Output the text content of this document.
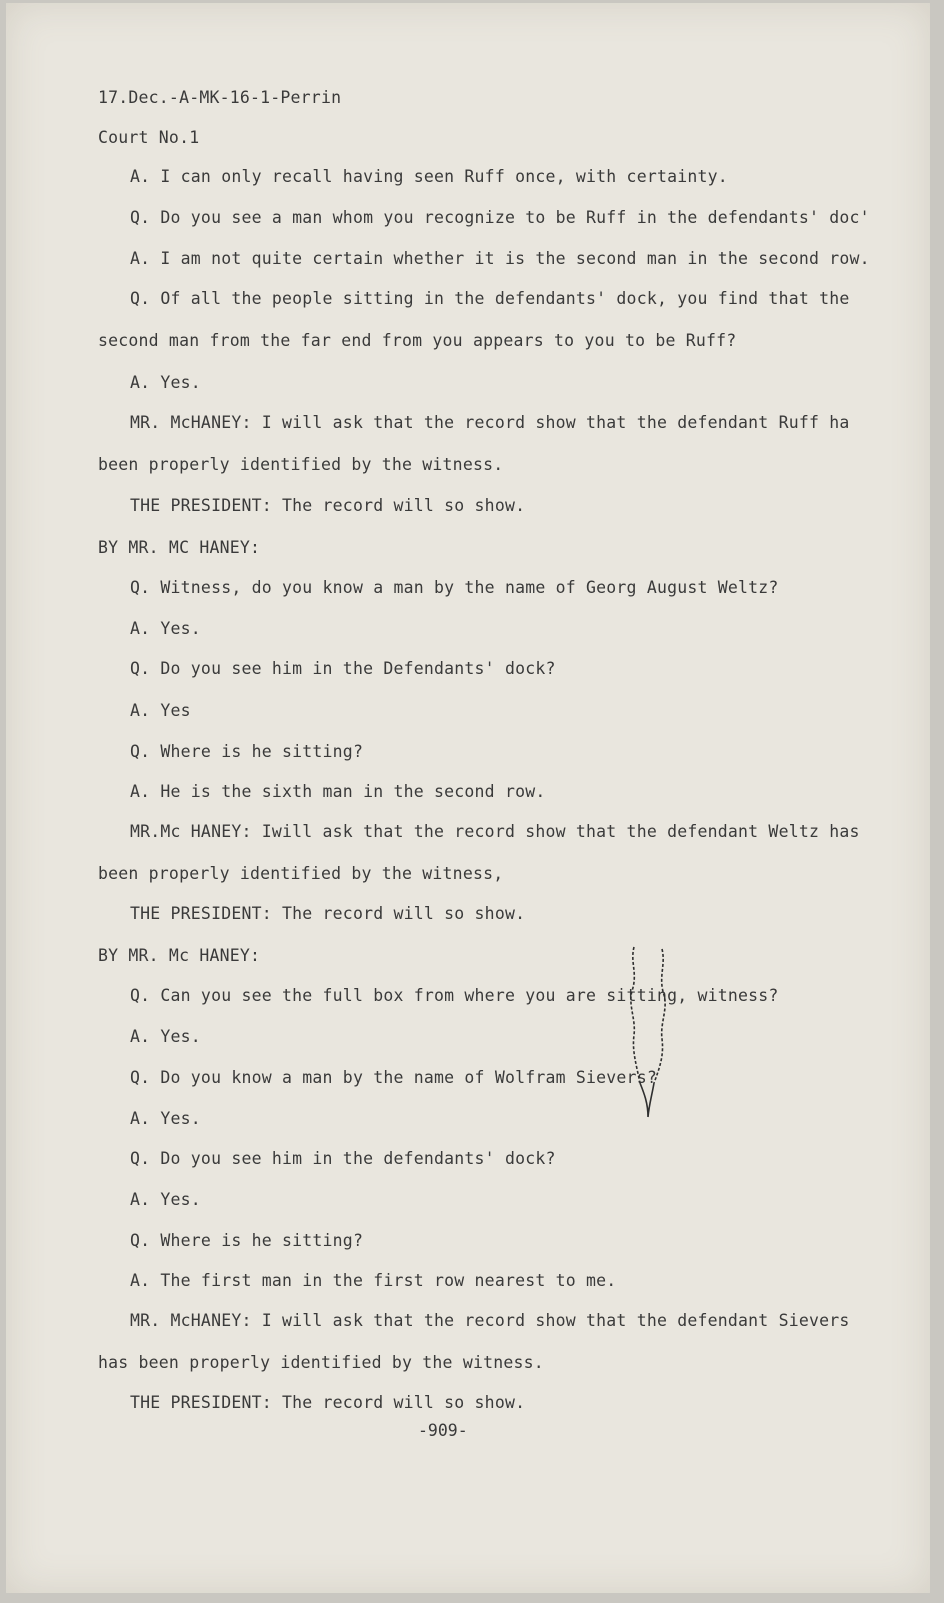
17.Dec.-A-MK-16-1-Perrin
Court No.1
A. I can only recall having seen Ruff once, with certainty.
Q. Do you see a man whom you recognize to be Ruff in the defendants' doc'
A. I am not quite certain whether it is the second man in the second row.
Q. Of all the people sitting in the defendants' dock, you find that the
second man from the far end from you appears to you to be Ruff?
A. Yes.
MR. McHANEY: I will ask that the record show that the defendant Ruff ha
been properly identified by the witness.
THE PRESIDENT: The record will so show.
BY MR. MC HANEY:
Q. Witness, do you know a man by the name of Georg August Weltz?
A. Yes.
Q. Do you see him in the Defendants' dock?
A. Yes
Q. Where is he sitting?
A. He is the sixth man in the second row.
MR.Mc HANEY: Iwill ask that the record show that the defendant Weltz has
been properly identified by the witness,
THE PRESIDENT: The record will so show.
BY MR. Mc HANEY:
Q. Can you see the full box from where you are sitting, witness?
A. Yes.
Q. Do you know a man by the name of Wolfram Sievers?
A. Yes.
Q. Do you see him in the defendants' dock?
A. Yes.
Q. Where is he sitting?
A. The first man in the first row nearest to me.
MR. McHANEY: I will ask that the record show that the defendant Sievers
has been properly identified by the witness.
THE PRESIDENT: The record will so show.
-909-
